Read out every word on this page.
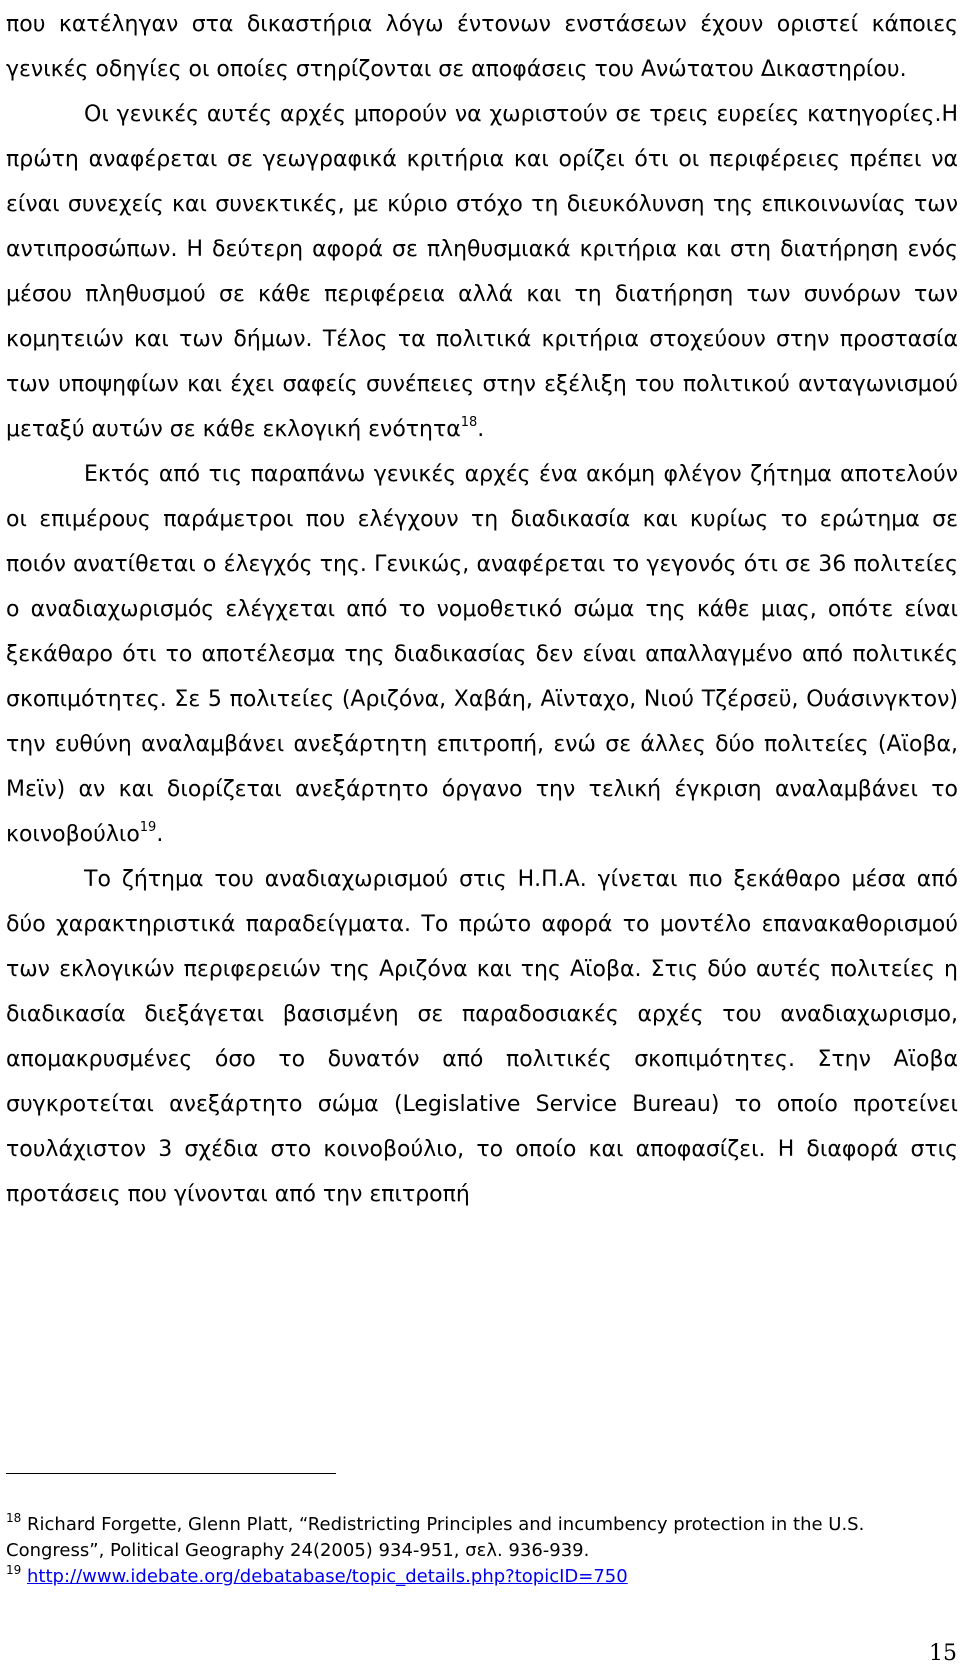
που κατέληγαν στα δικαστήρια λόγω έντονων ενστάσεων έχουν οριστεί κάποιες γενικές οδηγίες οι οποίες στηρίζονται σε αποφάσεις του Ανώτατου Δικαστηρίου.

Οι γενικές αυτές αρχές μπορούν να χωριστούν σε τρεις ευρείες κατηγορίες.Η πρώτη αναφέρεται σε γεωγραφικά κριτήρια και ορίζει ότι οι περιφέρειες πρέπει να είναι συνεχείς και συνεκτικές, με κύριο στόχο τη διευκόλυνση της επικοινωνίας των αντιπροσώπων. Η δεύτερη αφορά σε πληθυσμιακά κριτήρια και στη διατήρηση ενός μέσου πληθυσμού σε κάθε περιφέρεια αλλά και τη διατήρηση των συνόρων των κομητειών και των δήμων. Τέλος τα πολιτικά κριτήρια στοχεύουν στην προστασία των υποψηφίων και έχει σαφείς συνέπειες στην εξέλιξη του πολιτικού ανταγωνισμού μεταξύ αυτών σε κάθε εκλογική ενότητα$^{18}$.

Εκτός από τις παραπάνω γενικές αρχές ένα ακόμη φλέγον ζήτημα αποτελούν οι επιμέρους παράμετροι που ελέγχουν τη διαδικασία και κυρίως το ερώτημα σε ποιόν ανατίθεται ο έλεγχός της. Γενικώς, αναφέρεται το γεγονός ότι σε 36 πολιτείες ο αναδιαχωρισμός ελέγχεται από το νομοθετικό σώμα της κάθε μιας, οπότε είναι ξεκάθαρο ότι το αποτέλεσμα της διαδικασίας δεν είναι απαλλαγμένο από πολιτικές σκοπιμότητες. Σε 5 πολιτείες (Αριζόνα, Χαβάη, Αϊνταχο, Νιού Τζέρσεϋ, Ουάσινγκτον) την ευθύνη αναλαμβάνει ανεξάρτητη επιτροπή, ενώ σε άλλες δύο πολιτείες (Αϊοβα, Μεϊν) αν και διορίζεται ανεξάρτητο όργανο την τελική έγκριση αναλαμβάνει το κοινοβούλιο$^{19}$.

Το ζήτημα του αναδιαχωρισμού στις Η.Π.Α. γίνεται πιο ξεκάθαρο μέσα από δύο χαρακτηριστικά παραδείγματα. Το πρώτο αφορά το μοντέλο επανακαθορισμού των εκλογικών περιφερειών της Αριζόνα και της Αϊοβα. Στις δύο αυτές πολιτείες η διαδικασία διεξάγεται βασισμένη σε παραδοσιακές αρχές του αναδιαχωρισμο, απομακρυσμένες όσο το δυνατόν από πολιτικές σκοπιμότητες. Στην Αϊοβα συγκροτείται ανεξάρτητο σώμα (Legislative Service Bureau) το οποίο προτείνει τουλάχιστον 3 σχέδια στο κοινοβούλιο, το οποίο και αποφασίζει. Η διαφορά στις προτάσεις που γίνονται από την επιτροπή

$^{18}$ Richard Forgette, Glenn Platt, “Redistricting Principles and incumbency protection in the U.S. Congress”, Political Geography 24(2005) 934-951, σελ. 936-939.

$^{19}$ http://www.idebate.org/debatabase/topic_details.php?topicID=750

15
